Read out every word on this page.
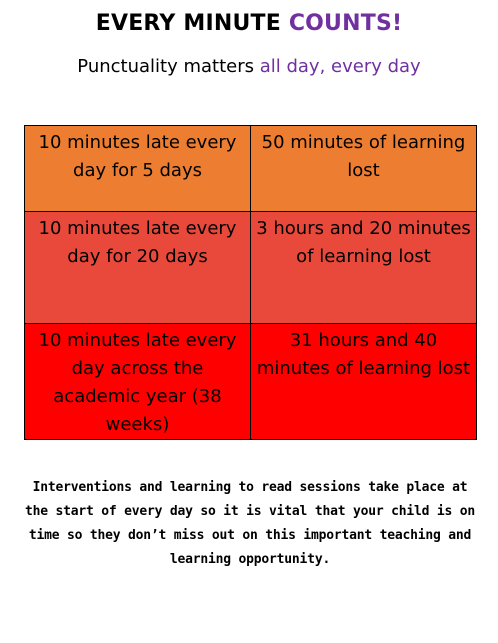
EVERY MINUTE COUNTS!

Punctuality matters all day, every day

10 minutes late every day for 5 days	50 minutes of learning lost
10 minutes late every day for 20 days	3 hours and 20 minutes of learning lost
10 minutes late every day across the academic year (38 weeks)	31 hours and 40 minutes of learning lost

Interventions and learning to read sessions take place at the start of every day so it is vital that your child is on time so they don’t miss out on this important teaching and learning opportunity.
